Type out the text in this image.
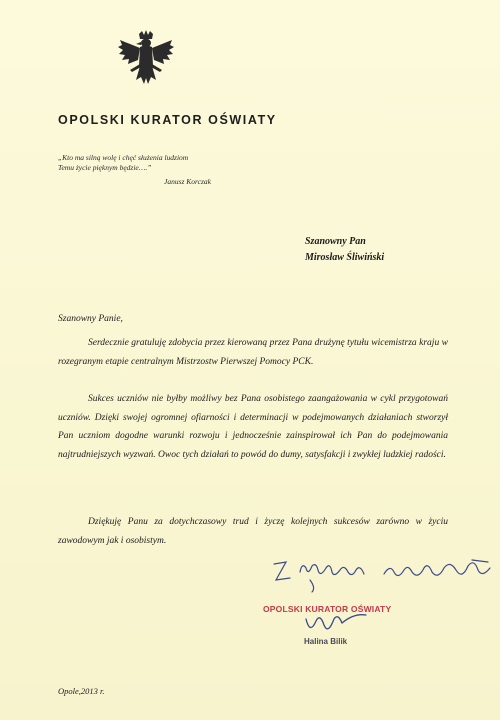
OPOLSKI KURATOR OŚWIATY
„Kto ma silną wolę i chęć służenia ludziom
Temu życie pięknym będzie….”
Janusz Korczak
Szanowny Pan
Mirosław Śliwiński
Szanowny Panie,

Serdecznie gratuluję zdobycia przez kierowaną przez Pana drużynę tytułu wicemistrza kraju w rozegranym etapie centralnym Mistrzostw Pierwszej Pomocy PCK.

Sukces uczniów nie byłby możliwy bez Pana osobistego zaangażowania w cykl przygotowań uczniów. Dzięki swojej ogromnej ofiarności i determinacji w podejmowanych działaniach stworzył Pan uczniom dogodne warunki rozwoju i jednocześnie zainspirował ich Pan do podejmowania najtrudniejszych wyzwań. Owoc tych działań to powód do dumy, satysfakcji i zwykłej ludzkiej radości.

Dziękuję Panu za dotychczasowy trud i życzę kolejnych sukcesów zarówno w życiu zawodowym jak i osobistym.

OPOLSKI KURATOR OŚWIATY
Halina Bilik
Opole,2013 r.
